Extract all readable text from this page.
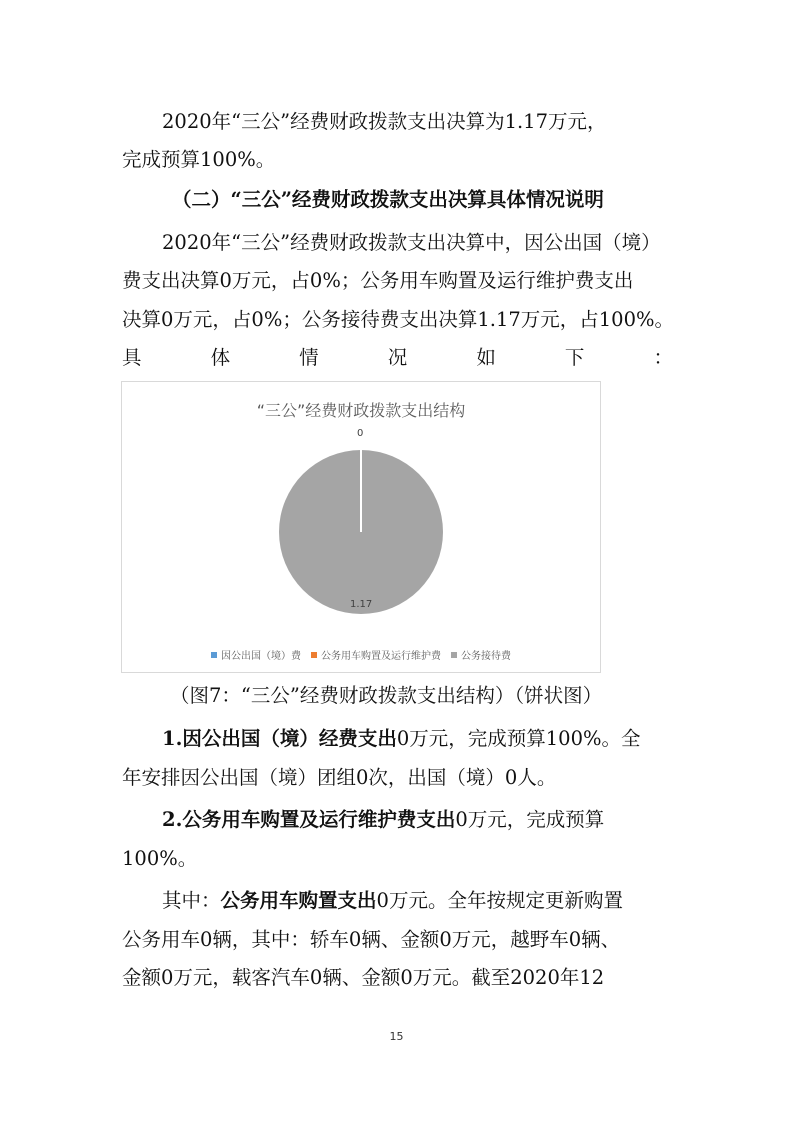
2020年“三公”经费财政拨款支出决算为1.17万元，
完成预算100%。
（二）“三公”经费财政拨款支出决算具体情况说明
2020年“三公”经费财政拨款支出决算中，因公出国（境）
费支出决算0万元，占0%；公务用车购置及运行维护费支出
决算0万元，占0%；公务接待费支出决算1.17万元，占100%。
具	体	情	况	如	下	：
“三公”经费财政拨款支出结构
0
1.17
因公出国（境）费 公务用车购置及运行维护费 公务接待费
（图7：“三公”经费财政拨款支出结构）（饼状图）
1.因公出国（境）经费支出0万元，完成预算100%。全
年安排因公出国（境）团组0次，出国（境）0人。
2.公务用车购置及运行维护费支出0万元，完成预算
100%。
其中：公务用车购置支出0万元。全年按规定更新购置
公务用车0辆，其中：轿车0辆、金额0万元，越野车0辆、
金额0万元，载客汽车0辆、金额0万元。截至2020年12
15
